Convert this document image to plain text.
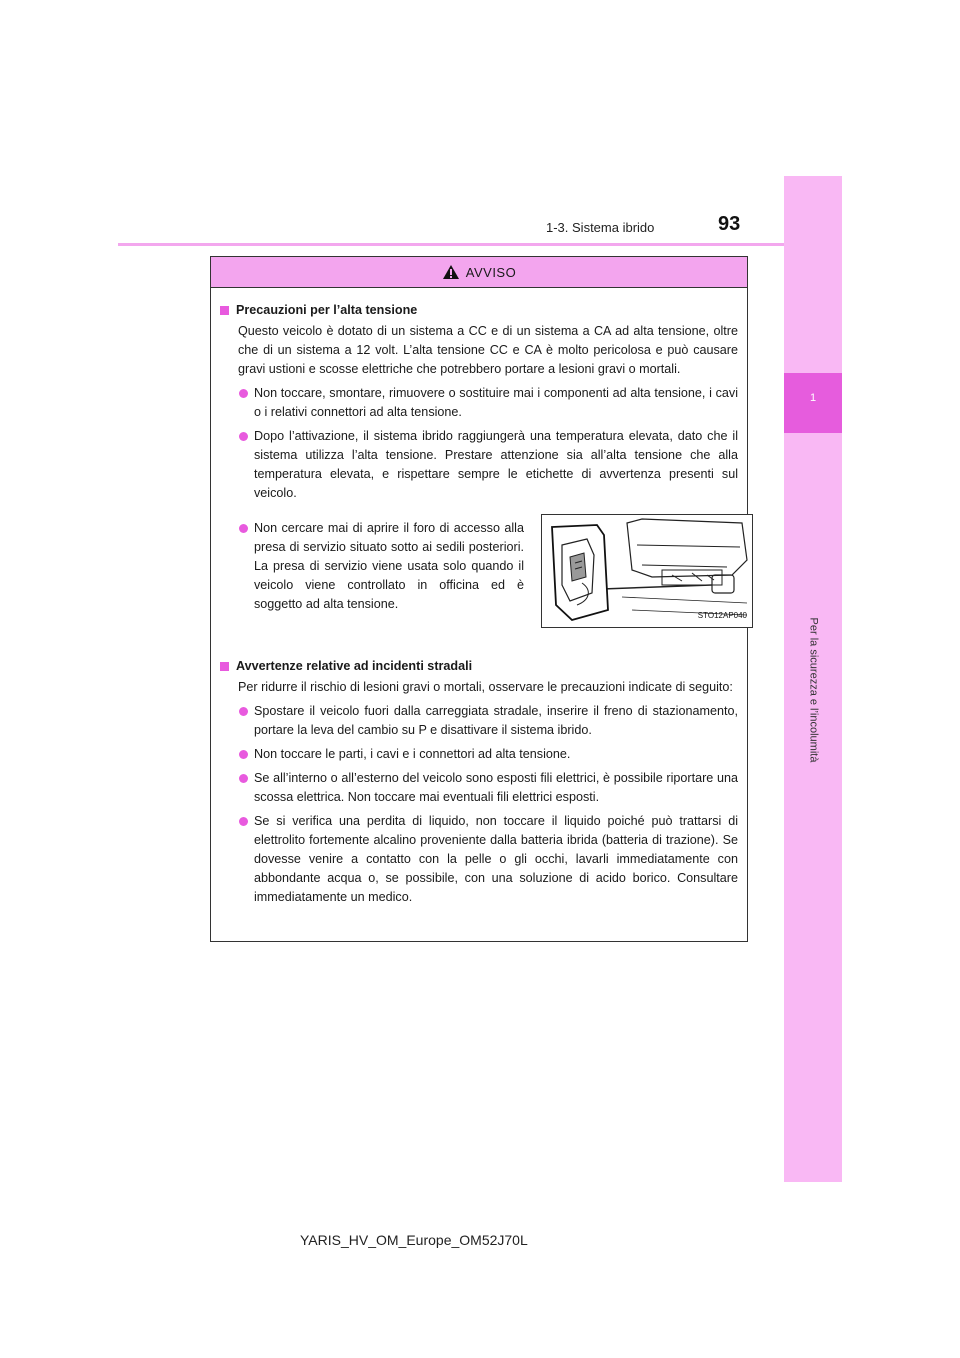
1
Per la sicurezza e l’incolumità
1-3. Sistema ibrido	93
AVVISO
Precauzioni per l’alta tensione
Questo veicolo è dotato di un sistema a CC e di un sistema a CA ad alta tensione, oltre che di un sistema a 12 volt. L’alta tensione CC e CA è molto pericolosa e può causare gravi ustioni e scosse elettriche che potrebbero portare a lesioni gravi o mortali.
Non toccare, smontare, rimuovere o sostituire mai i componenti ad alta tensione, i cavi o i relativi connettori ad alta tensione.
Dopo l’attivazione, il sistema ibrido raggiungerà una temperatura elevata, dato che il sistema utilizza l’alta tensione. Prestare attenzione sia all’alta tensione che alla temperatura elevata, e rispettare sempre le etichette di avvertenza presenti sul veicolo.
Non cercare mai di aprire il foro di accesso alla presa di servizio situato sotto ai sedili posteriori. La presa di servizio viene usata solo quando il veicolo viene controllato in officina ed è soggetto ad alta tensione.
STO12AP040
Avvertenze relative ad incidenti stradali
Per ridurre il rischio di lesioni gravi o mortali, osservare le precauzioni indicate di seguito:
Spostare il veicolo fuori dalla carreggiata stradale, inserire il freno di stazionamento, portare la leva del cambio su P e disattivare il sistema ibrido.
Non toccare le parti, i cavi e i connettori ad alta tensione.
Se all’interno o all’esterno del veicolo sono esposti fili elettrici, è possibile riportare una scossa elettrica. Non toccare mai eventuali fili elettrici esposti.
Se si verifica una perdita di liquido, non toccare il liquido poiché può trattarsi di elettrolito fortemente alcalino proveniente dalla batteria ibrida (batteria di trazione). Se dovesse venire a contatto con la pelle o gli occhi, lavarli immediatamente con abbondante acqua o, se possibile, con una soluzione di acido borico. Consultare immediatamente un medico.
YARIS_HV_OM_Europe_OM52J70L
